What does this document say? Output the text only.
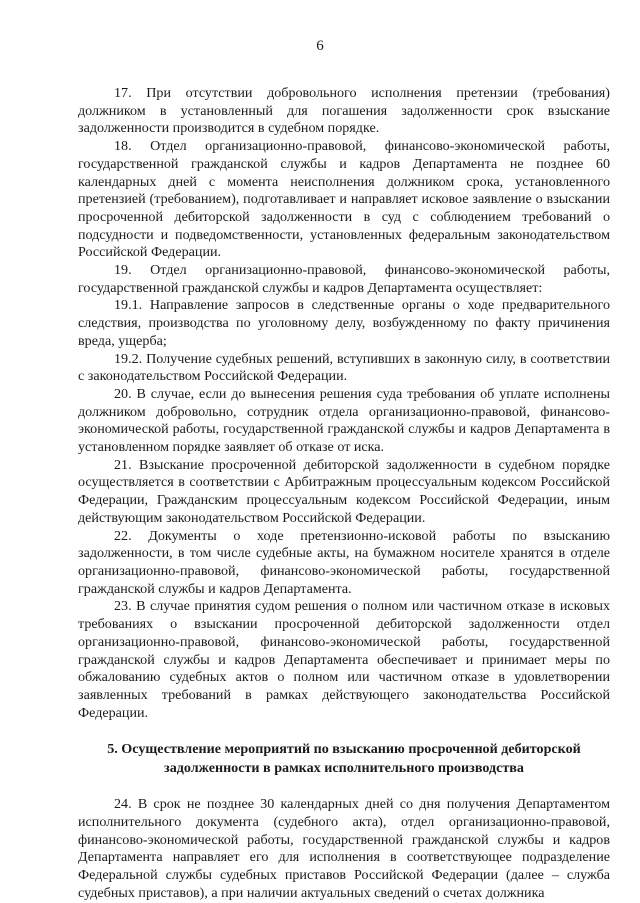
6

17. При отсутствии добровольного исполнения претензии (требования) должником в установленный для погашения задолженности срок взыскание задолженности производится в судебном порядке.

18. Отдел организационно-правовой, финансово-экономической работы, государственной гражданской службы и кадров Департамента не позднее 60 календарных дней с момента неисполнения должником срока, установленного претензией (требованием), подготавливает и направляет исковое заявление о взыскании просроченной дебиторской задолженности в суд с соблюдением требований о подсудности и подведомственности, установленных федеральным законодательством Российской Федерации.

19. Отдел организационно-правовой, финансово-экономической работы, государственной гражданской службы и кадров Департамента осуществляет:

19.1. Направление запросов в следственные органы о ходе предварительного следствия, производства по уголовному делу, возбужденному по факту причинения вреда, ущерба;

19.2. Получение судебных решений, вступивших в законную силу, в соответствии с законодательством Российской Федерации.

20. В случае, если до вынесения решения суда требования об уплате исполнены должником добровольно, сотрудник отдела организационно-правовой, финансово-экономической работы, государственной гражданской службы и кадров Департамента в установленном порядке заявляет об отказе от иска.

21. Взыскание просроченной дебиторской задолженности в судебном порядке осуществляется в соответствии с Арбитражным процессуальным кодексом Российской Федерации, Гражданским процессуальным кодексом Российской Федерации, иным действующим законодательством Российской Федерации.

22. Документы о ходе претензионно-исковой работы по взысканию задолженности, в том числе судебные акты, на бумажном носителе хранятся в отделе организационно-правовой, финансово-экономической работы, государственной гражданской службы и кадров Департамента.

23. В случае принятия судом решения о полном или частичном отказе в исковых требованиях о взыскании просроченной дебиторской задолженности отдел организационно-правовой, финансово-экономической работы, государственной гражданской службы и кадров Департамента обеспечивает и принимает меры по обжалованию судебных актов о полном или частичном отказе в удовлетворении заявленных требований в рамках действующего законодательства Российской Федерации.

5. Осуществление мероприятий по взысканию просроченной дебиторской
задолженности в рамках исполнительного производства

24. В срок не позднее 30 календарных дней со дня получения Департаментом исполнительного документа (судебного акта), отдел организационно-правовой, финансово-экономической работы, государственной гражданской службы и кадров Департамента направляет его для исполнения в соответствующее подразделение Федеральной службы судебных приставов Российской Федерации (далее – служба судебных приставов), а при наличии актуальных сведений о счетах должника
